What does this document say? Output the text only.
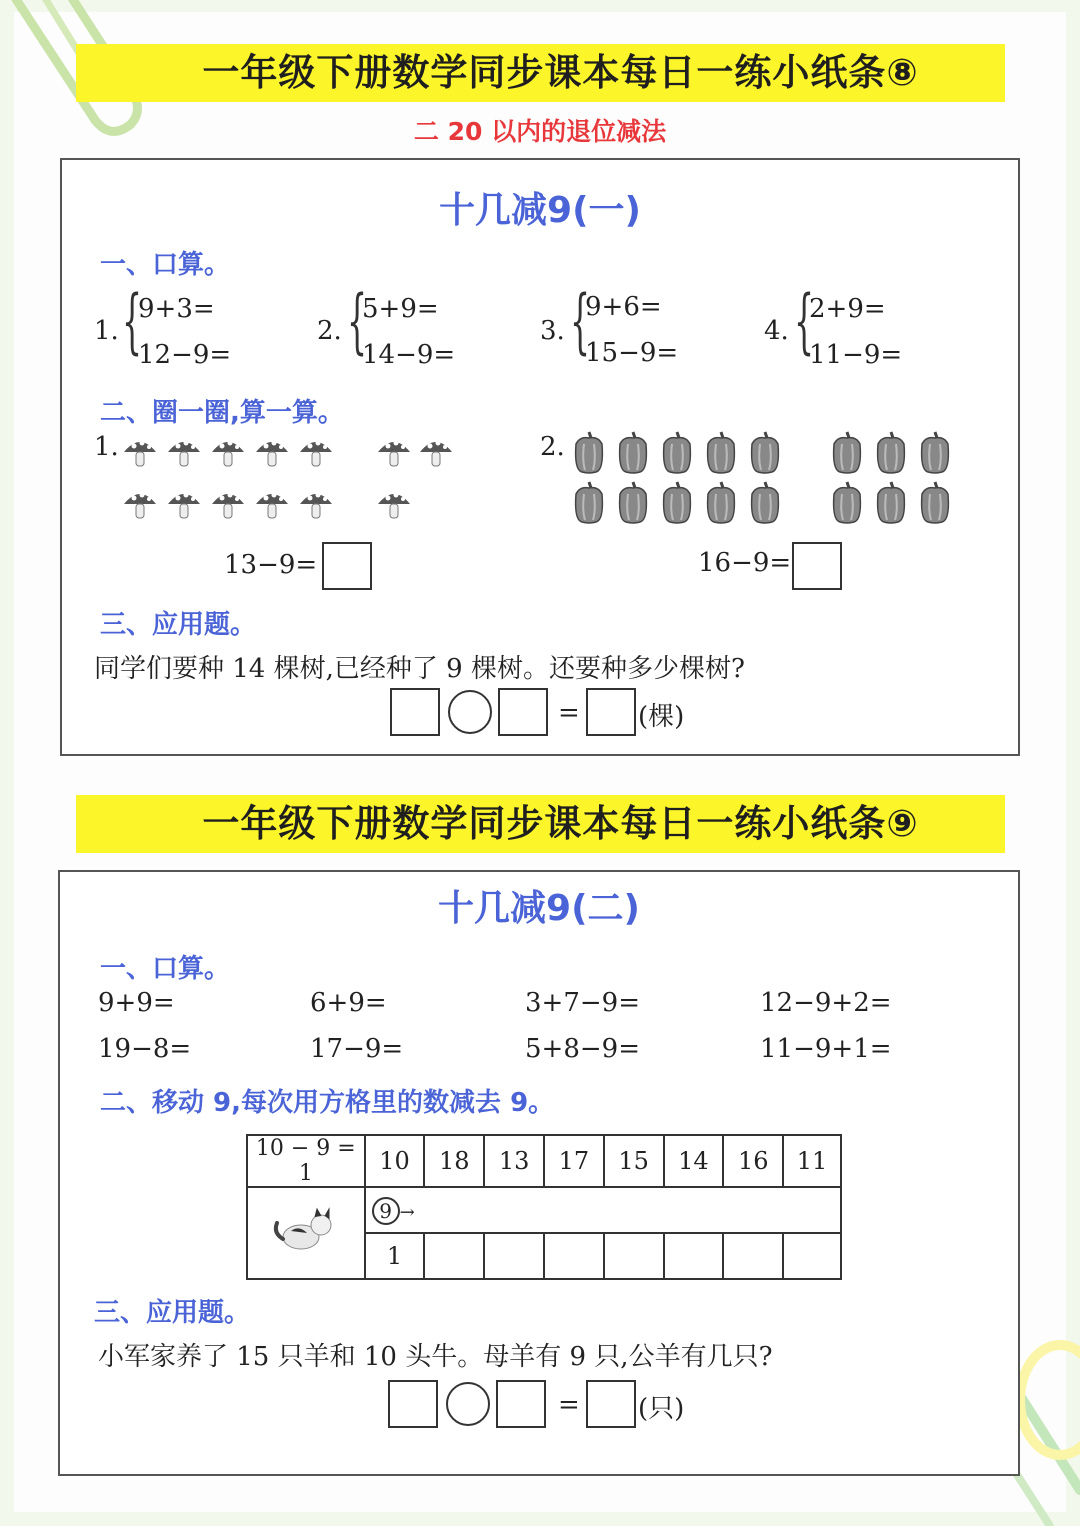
一年级下册数学同步课本每日一练小纸条⑧
二 20 以内的退位减法
十几减9(一)
一、口算。
1. {
9+3=
12−9=
2. {
5+9=
14−9=
3. {
9+6=
15−9=
4. {
2+9=
11−9=
二、圈一圈,算一算。
1.
13−9=
2.
16−9=
三、应用题。
同学们要种 14 棵树,已经种了 9 棵树。还要种多少棵树?
= (棵)
一年级下册数学同步课本每日一练小纸条⑨
十几减9(二)
一、口算。
9+9=	6+9=	3+7−9=	12−9+2=
19−8=	17−9=	5+8−9=	11−9+1=
二、移动 9,每次用方格里的数减去 9。
10 − 9 = 1	10	18	13	17	15	14	16	11
	9 →							
	1							
三、应用题。
小军家养了 15 只羊和 10 头牛。母羊有 9 只,公羊有几只?
= (只)
